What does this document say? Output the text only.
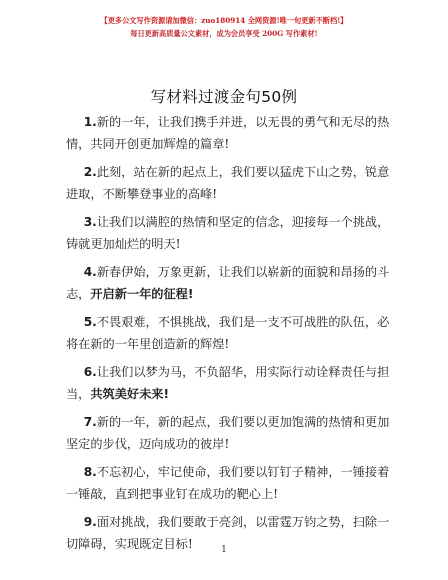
【更多公文写作资源请加微信：zuo180914 全网资源!唯一旬更新不断档!】
每日更新高质量公文素材，成为会员享受 200G 写作素材!
写材料过渡金句50例

1.新的一年，让我们携手并进，以无畏的勇气和无尽的热情，共同开创更加辉煌的篇章!

2.此刻，站在新的起点上，我们要以猛虎下山之势，锐意进取，不断攀登事业的高峰!

3.让我们以满腔的热情和坚定的信念，迎接每一个挑战，铸就更加灿烂的明天!

4.新春伊始，万象更新，让我们以崭新的面貌和昂扬的斗志，开启新一年的征程!

5.不畏艰难，不惧挑战，我们是一支不可战胜的队伍，必将在新的一年里创造新的辉煌!

6.让我们以梦为马，不负韶华，用实际行动诠释责任与担当，共筑美好未来!

7.新的一年，新的起点，我们要以更加饱满的热情和更加坚定的步伐，迈向成功的彼岸!

8.不忘初心，牢记使命，我们要以钉钉子精神，一锤接着一锤敲，直到把事业钉在成功的靶心上!

9.面对挑战，我们要敢于亮剑，以雷霆万钧之势，扫除一切障碍，实现既定目标!	1
